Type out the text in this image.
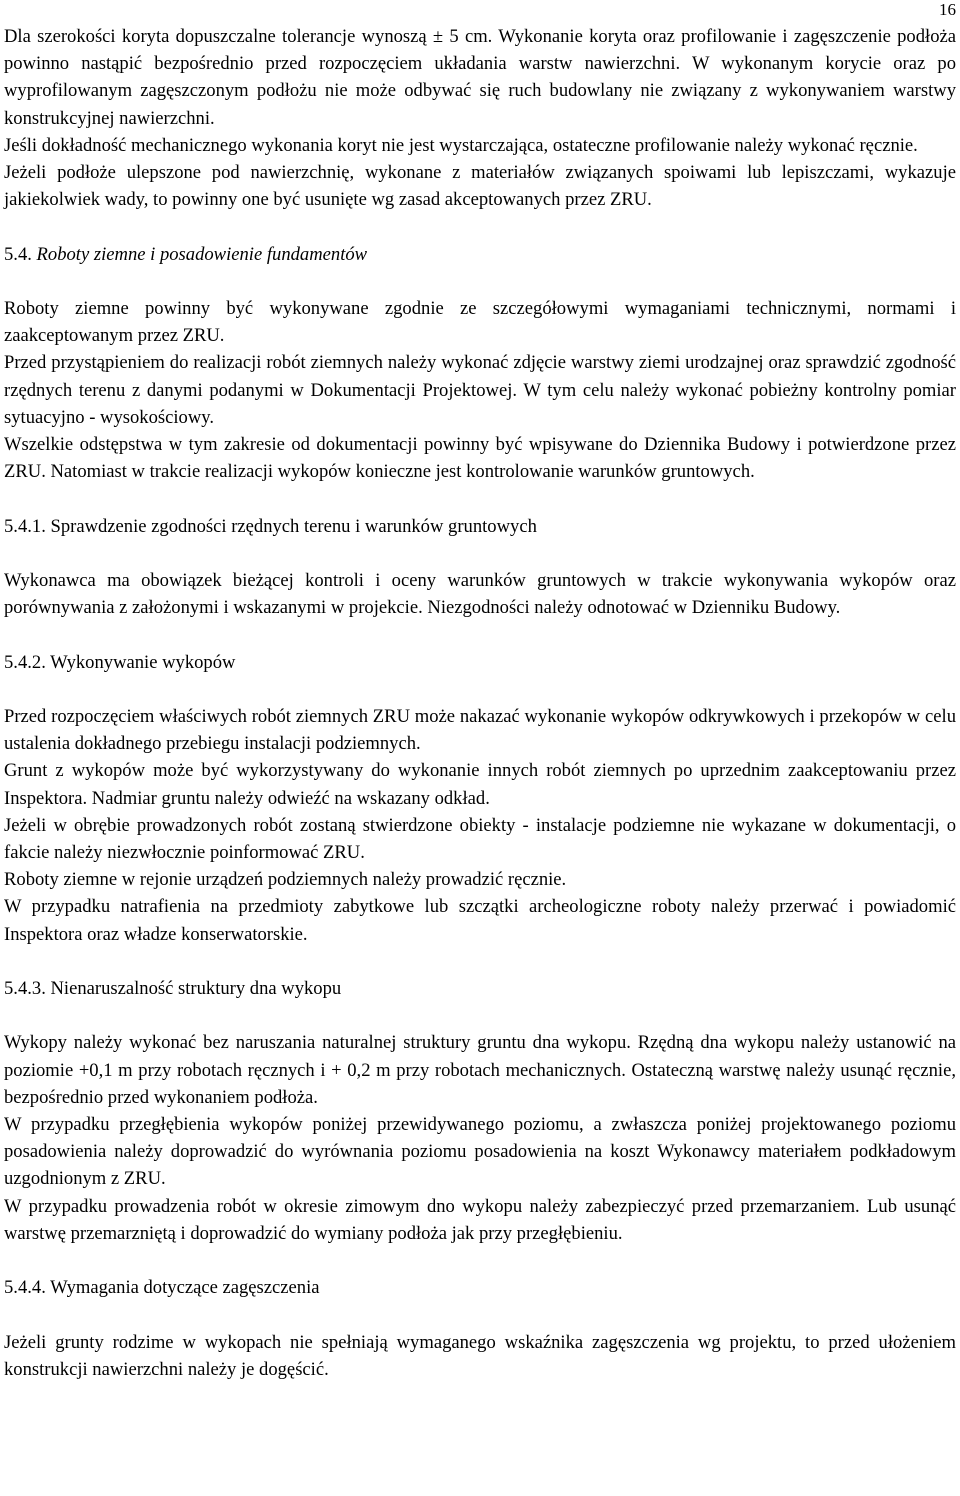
16

Dla szerokości koryta dopuszczalne tolerancje wynoszą ± 5 cm. Wykonanie koryta oraz profilowanie i zagęszczenie podłoża powinno nastąpić bezpośrednio przed rozpoczęciem układania warstw nawierzchni. W wykonanym korycie oraz po wyprofilowanym zagęszczonym podłożu nie może odbywać się ruch budowlany nie związany z wykonywaniem warstwy konstrukcyjnej nawierzchni.

Jeśli dokładność mechanicznego wykonania koryt nie jest wystarczająca, ostateczne profilowanie należy wykonać ręcznie.

Jeżeli podłoże ulepszone pod nawierzchnię, wykonane z materiałów związanych spoiwami lub lepiszczami, wykazuje jakiekolwiek wady, to powinny one być usunięte wg zasad akceptowanych przez ZRU.

5.4. Roboty ziemne i posadowienie fundamentów

Roboty ziemne powinny być wykonywane zgodnie ze szczegółowymi wymaganiami technicznymi, normami i zaakceptowanym przez ZRU.

Przed przystąpieniem do realizacji robót ziemnych należy wykonać zdjęcie warstwy ziemi urodzajnej oraz sprawdzić zgodność rzędnych terenu z danymi podanymi w Dokumentacji Projektowej. W tym celu należy wykonać pobieżny kontrolny pomiar sytuacyjno - wysokościowy.

Wszelkie odstępstwa w tym zakresie od dokumentacji powinny być wpisywane do Dziennika Budowy i potwierdzone przez ZRU. Natomiast w trakcie realizacji wykopów konieczne jest kontrolowanie warunków gruntowych.

5.4.1. Sprawdzenie zgodności rzędnych terenu i warunków gruntowych

Wykonawca ma obowiązek bieżącej kontroli i oceny warunków gruntowych w trakcie wykonywania wykopów oraz porównywania z założonymi i wskazanymi w projekcie. Niezgodności należy odnotować w Dzienniku Budowy.

5.4.2. Wykonywanie wykopów

Przed rozpoczęciem właściwych robót ziemnych ZRU może nakazać wykonanie wykopów odkrywkowych i przekopów w celu ustalenia dokładnego przebiegu instalacji podziemnych.

Grunt z wykopów może być wykorzystywany do wykonanie innych robót ziemnych po uprzednim zaakceptowaniu przez Inspektora. Nadmiar gruntu należy odwieźć na wskazany odkład.

Jeżeli w obrębie prowadzonych robót zostaną stwierdzone obiekty - instalacje podziemne nie wykazane w dokumentacji, o fakcie należy niezwłocznie poinformować ZRU.

Roboty ziemne w rejonie urządzeń podziemnych należy prowadzić ręcznie.

W przypadku natrafienia na przedmioty zabytkowe lub szczątki archeologiczne roboty należy przerwać i powiadomić Inspektora oraz władze konserwatorskie.

5.4.3. Nienaruszalność struktury dna wykopu

Wykopy należy wykonać bez naruszania naturalnej struktury gruntu dna wykopu. Rzędną dna wykopu należy ustanowić na poziomie +0,1 m przy robotach ręcznych i + 0,2 m przy robotach mechanicznych. Ostateczną warstwę należy usunąć ręcznie, bezpośrednio przed wykonaniem podłoża.

W przypadku przegłębienia wykopów poniżej przewidywanego poziomu, a zwłaszcza poniżej projektowanego poziomu posadowienia należy doprowadzić do wyrównania poziomu posadowienia na koszt Wykonawcy materiałem podkładowym uzgodnionym z ZRU.

W przypadku prowadzenia robót w okresie zimowym dno wykopu należy zabezpieczyć przed przemarzaniem. Lub usunąć warstwę przemarzniętą i doprowadzić do wymiany podłoża jak przy przegłębieniu.

5.4.4. Wymagania dotyczące zagęszczenia

Jeżeli grunty rodzime w wykopach nie spełniają wymaganego wskaźnika zagęszczenia wg projektu, to przed ułożeniem konstrukcji nawierzchni należy je dogęścić.
